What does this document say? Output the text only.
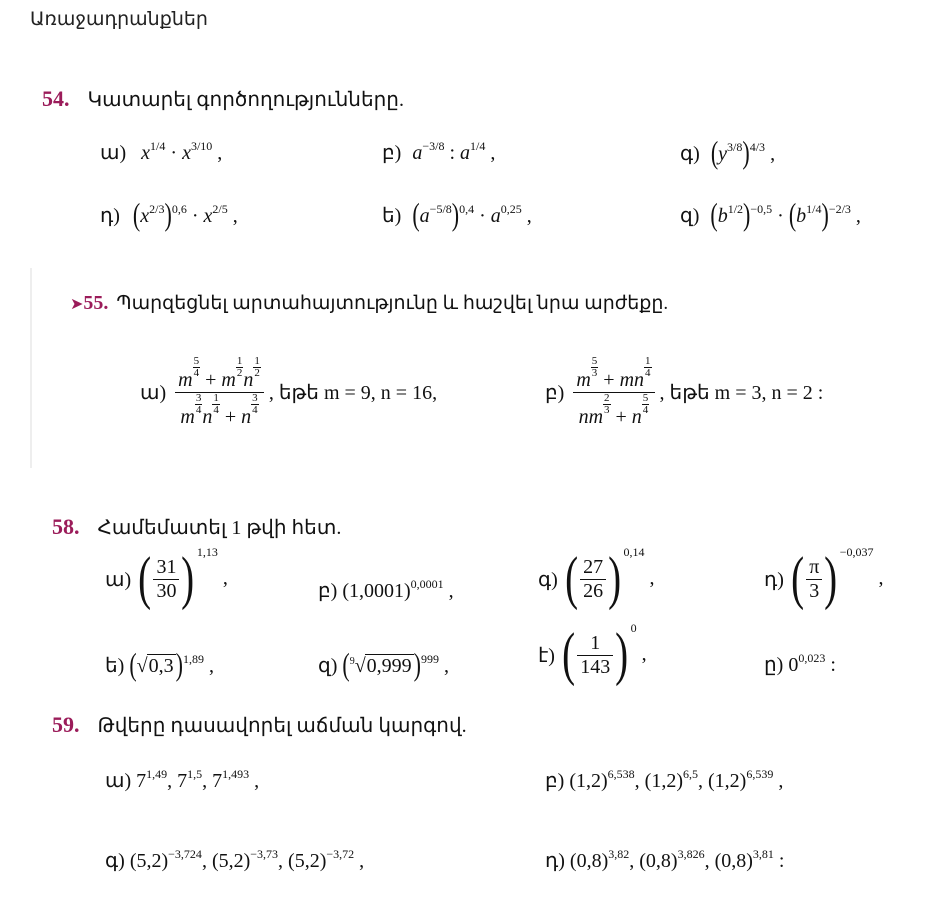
Առաջադրանքներ
54. Կատարել գործողությունները.
ա) $x^{1/4} \cdot x^{3/10}$ ,	բ) $a^{-3/8}$ : $a^{1/4}$ ,	գ) $(y^{3/8})^{4/3}$ ,
դ) $(x^{2/3})^{0,6} \cdot x^{2/5}$ ,	ե) $(a^{-5/8})^{0,4} \cdot a^{0,25}$ ,	զ) $(b^{1/2})^{-0,5} \cdot (b^{1/4})^{-2/3}$ ,
➤55. Պարզեցնել արտահայտությունը և հաշվել նրա արժեքը.
ա) m
$\frac{5}{4}$
+ m
$\frac{1}{2}$
n
$\frac{1}{2}$
m
$\frac{3}{4}$
n
$\frac{1}{4}$
+ n
$\frac{3}{4}$ , եթե m = 9, n = 16,	բ) m
$\frac{5}{3}$
+ mn
$\frac{1}{4}$
nm
$\frac{2}{3}$
+ n
$\frac{5}{4}$ , եթե m = 3, n = 2 :
58. Համեմատել 1 թվի հետ.
ա) ( $\frac{31}{30}$ ) $^{1,13}$ ,
բ) $(1,0001)^{0,0001}$ ,
գ) ( $\frac{27}{26}$ ) $^{0,14}$ ,	դ) ( $\frac{\pi}{3}$ ) $^{-0,037}$ ,
ե) $(√0,3)^{1,89}$ ,	զ) $(^9√0,999)^{999}$ ,	է) ( $\frac{1}{143}$ ) $^0$ ,	ը) 0$^{0,023}$ :
59. Թվերը դասավորել աճման կարգով.
ա) 7$^{1,49}$, 7$^{1,5}$, 7$^{1,493}$ ,	բ) $(1,2)^{6,538}$, $(1,2)^{6,5}$, $(1,2)^{6,539}$ ,
գ) $(5,2)^{-3,724}$, $(5,2)^{-3,73}$, $(5,2)^{-3,72}$ ,	դ) $(0,8)^{3,82}$, $(0,8)^{3,826}$, $(0,8)^{3,81}$ :
